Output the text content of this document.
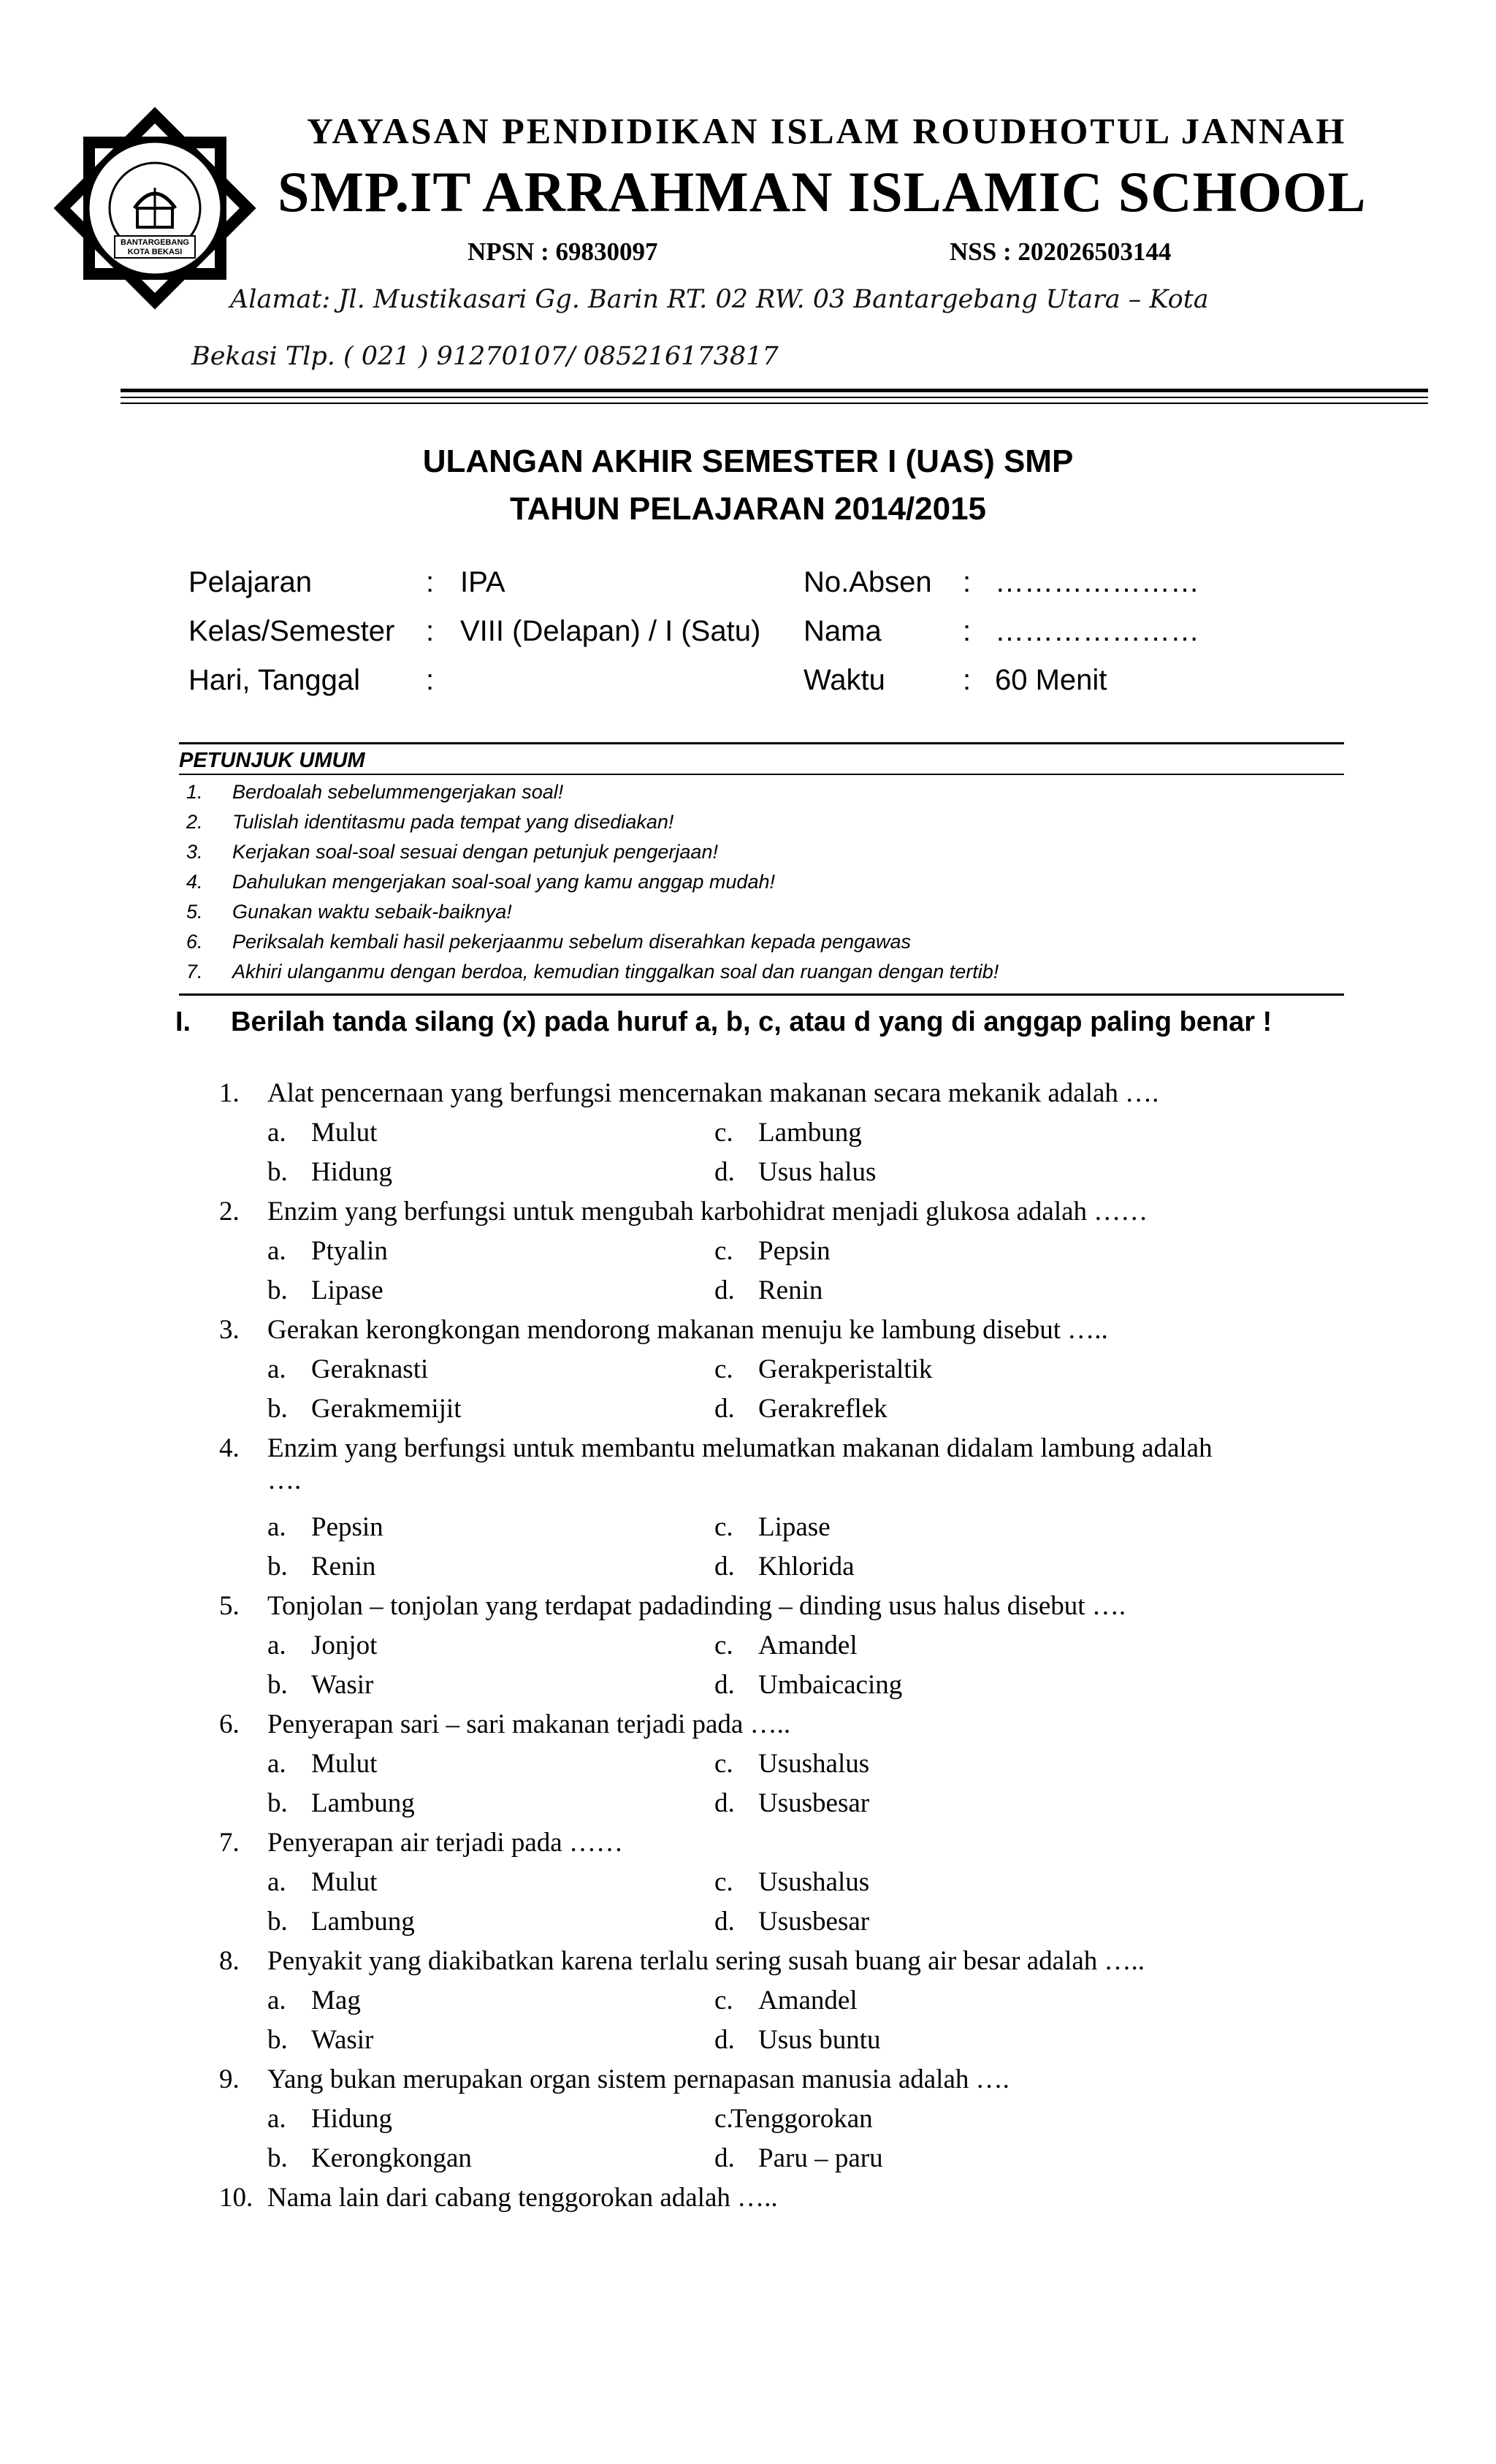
BANTARGEBANG
KOTA BEKASI
YAYASAN PENDIDIKAN ISLAM ROUDHOTUL JANNAH
SMP.IT ARRAHMAN ISLAMIC SCHOOL
NPSN : 69830097	NSS : 202026503144
Alamat: Jl. Mustikasari Gg. Barin RT. 02 RW. 03 Bantargebang Utara – Kota
Bekasi Tlp. ( 021 ) 91270107/ 085216173817
ULANGAN AKHIR SEMESTER I (UAS) SMP
TAHUN PELAJARAN 2014/2015
Pelajaran	: IPA	No.Absen : …………………
Kelas/Semester : VIII (Delapan) / I (Satu) Nama	: …………………
Hari, Tanggal :	Waktu	: 60 Menit
PETUNJUK UMUM
1. Berdoalah sebelummengerjakan soal!
2. Tulislah identitasmu pada tempat yang disediakan!
3. Kerjakan soal-soal sesuai dengan petunjuk pengerjaan!
4. Dahulukan mengerjakan soal-soal yang kamu anggap mudah!
5. Gunakan waktu sebaik-baiknya!
6. Periksalah kembali hasil pekerjaanmu sebelum diserahkan kepada pengawas
7. Akhiri ulanganmu dengan berdoa, kemudian tinggalkan soal dan ruangan dengan tertib!
I. Berilah tanda silang (x) pada huruf a, b, c, atau d yang di anggap paling benar !
1. Alat pencernaan yang berfungsi mencernakan makanan secara mekanik adalah ….
a. Mulut	c. Lambung
b. Hidung	d. Usus halus
2. Enzim yang berfungsi untuk mengubah karbohidrat menjadi glukosa adalah ……
a. Ptyalin	c. Pepsin
b. Lipase	d. Renin
3. Gerakan kerongkongan mendorong makanan menuju ke lambung disebut …..
a. Geraknasti	c. Gerakperistaltik
b. Gerakmemijit	d. Gerakreflek
4. Enzim yang berfungsi untuk membantu melumatkan makanan didalam lambung adalah
….
a. Pepsin	c. Lipase
b. Renin	d. Khlorida
5. Tonjolan – tonjolan yang terdapat padadinding – dinding usus halus disebut ….
a. Jonjot	c. Amandel
b. Wasir	d. Umbaicacing
6. Penyerapan sari – sari makanan terjadi pada …..
a. Mulut	c. Usushalus
b. Lambung	d. Ususbesar
7. Penyerapan air terjadi pada ……
a. Mulut	c. Usushalus
b. Lambung	d. Ususbesar
8. Penyakit yang diakibatkan karena terlalu sering susah buang air besar adalah …..
a. Mag	c. Amandel
b. Wasir	d. Usus buntu
9. Yang bukan merupakan organ sistem pernapasan manusia adalah ….
a. Hidung	c.
Tenggorokan
b. Kerongkongan	d. Paru – paru
10. Nama lain dari cabang tenggorokan adalah …..
